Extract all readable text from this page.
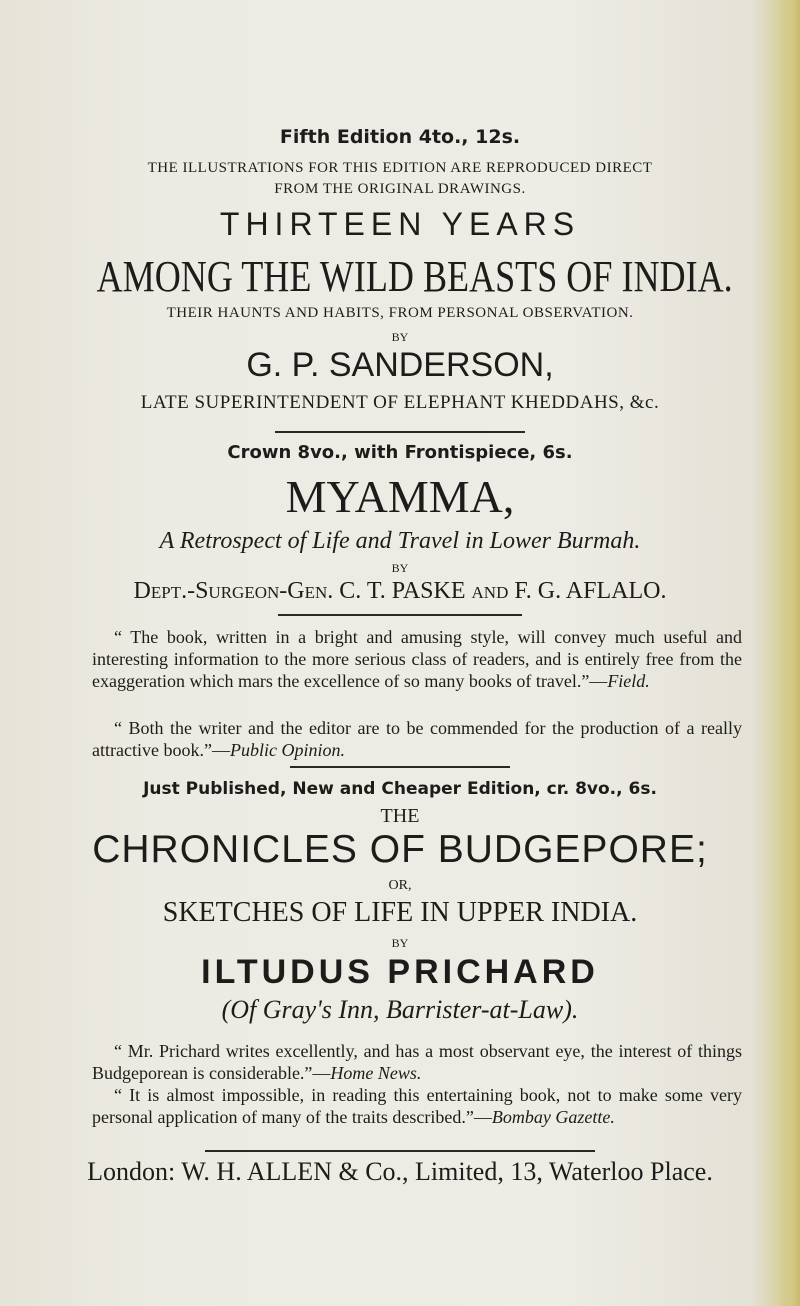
Fifth Edition 4to., 12s.
THE ILLUSTRATIONS FOR THIS EDITION ARE REPRODUCED DIRECT
FROM THE ORIGINAL DRAWINGS.
THIRTEEN YEARS
AMONG THE WILD BEASTS OF INDIA.
THEIR HAUNTS AND HABITS, FROM PERSONAL OBSERVATION.
BY
G. P. SANDERSON,
LATE SUPERINTENDENT OF ELEPHANT KHEDDAHS, &c.
Crown 8vo., with Frontispiece, 6s.
MYAMMA,
A Retrospect of Life and Travel in Lower Burmah.
BY
Dept.-Surgeon-Gen. C. T. PASKE and F. G. AFLALO.
“ The book, written in a bright and amusing style, will convey much useful and interesting information to the more serious class of readers, and is entirely free from the exaggeration which mars the excellence of so many books of travel.”—Field.
“ Both the writer and the editor are to be commended for the production of a really attractive book.”—Public Opinion.
Just Published, New and Cheaper Edition, cr. 8vo., 6s.
THE
CHRONICLES OF BUDGEPORE;
OR,
SKETCHES OF LIFE IN UPPER INDIA.
BY
ILTUDUS PRICHARD
(Of Gray's Inn, Barrister-at-Law).
“ Mr. Prichard writes excellently, and has a most observant eye, the interest of things Budgeporean is considerable.”—Home News.
“ It is almost impossible, in reading this entertaining book, not to make some very personal application of many of the traits described.”—Bombay Gazette.
London: W. H. ALLEN & Co., Limited, 13, Waterloo Place.
